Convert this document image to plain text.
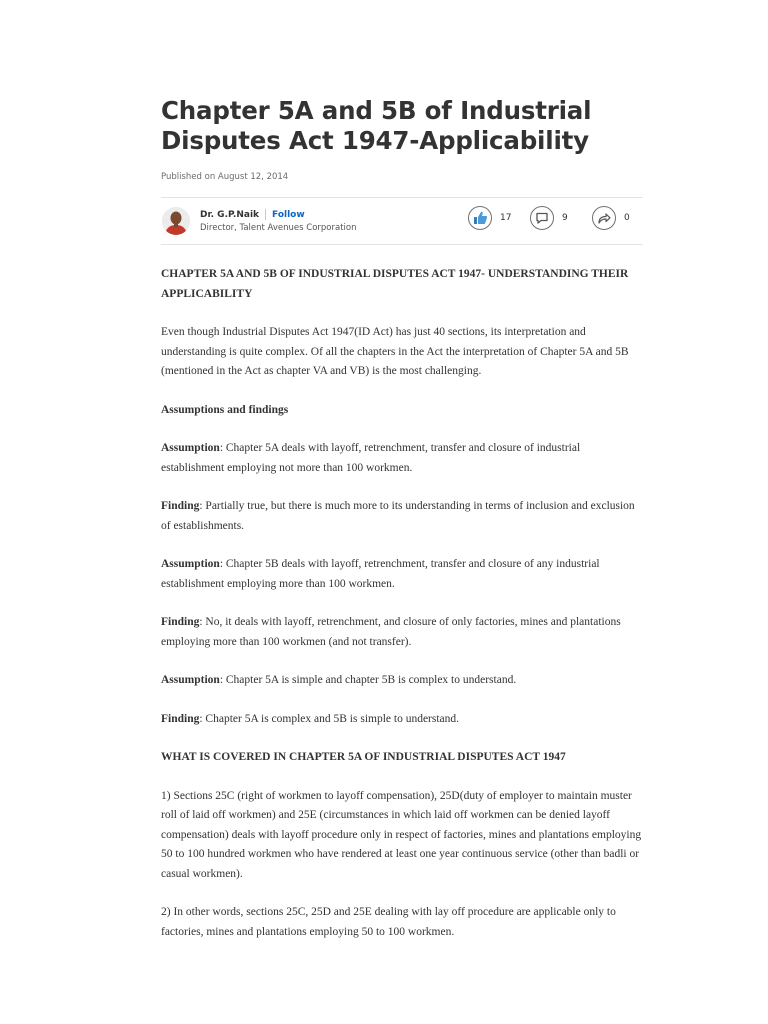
Chapter 5A and 5B of Industrial Disputes Act 1947-Applicability
Published on August 12, 2014
Dr. G.P.Naik Follow
Director, Talent Avenues Corporation
17	9	0

CHAPTER 5A AND 5B OF INDUSTRIAL DISPUTES ACT 1947- UNDERSTANDING THEIR APPLICABILITY

Even though Industrial Disputes Act 1947(ID Act) has just 40 sections, its interpretation and understanding is quite complex. Of all the chapters in the Act the interpretation of Chapter 5A and 5B (mentioned in the Act as chapter VA and VB) is the most challenging.

Assumptions and findings

Assumption: Chapter 5A deals with layoff, retrenchment, transfer and closure of industrial establishment employing not more than 100 workmen.

Finding: Partially true, but there is much more to its understanding in terms of inclusion and exclusion of establishments.

Assumption: Chapter 5B deals with layoff, retrenchment, transfer and closure of any industrial establishment employing more than 100 workmen.

Finding: No, it deals with layoff, retrenchment, and closure of only factories, mines and plantations employing more than 100 workmen (and not transfer).

Assumption: Chapter 5A is simple and chapter 5B is complex to understand.

Finding: Chapter 5A is complex and 5B is simple to understand.

WHAT IS COVERED IN CHAPTER 5A OF INDUSTRIAL DISPUTES ACT 1947

1) Sections 25C (right of workmen to layoff compensation), 25D(duty of employer to maintain muster roll of laid off workmen) and 25E (circumstances in which laid off workmen can be denied layoff compensation) deals with layoff procedure only in respect of factories, mines and plantations employing 50 to 100 hundred workmen who have rendered at least one year continuous service (other than badli or casual workmen).

2) In other words, sections 25C, 25D and 25E dealing with lay off procedure are applicable only to factories, mines and plantations employing 50 to 100 workmen.
